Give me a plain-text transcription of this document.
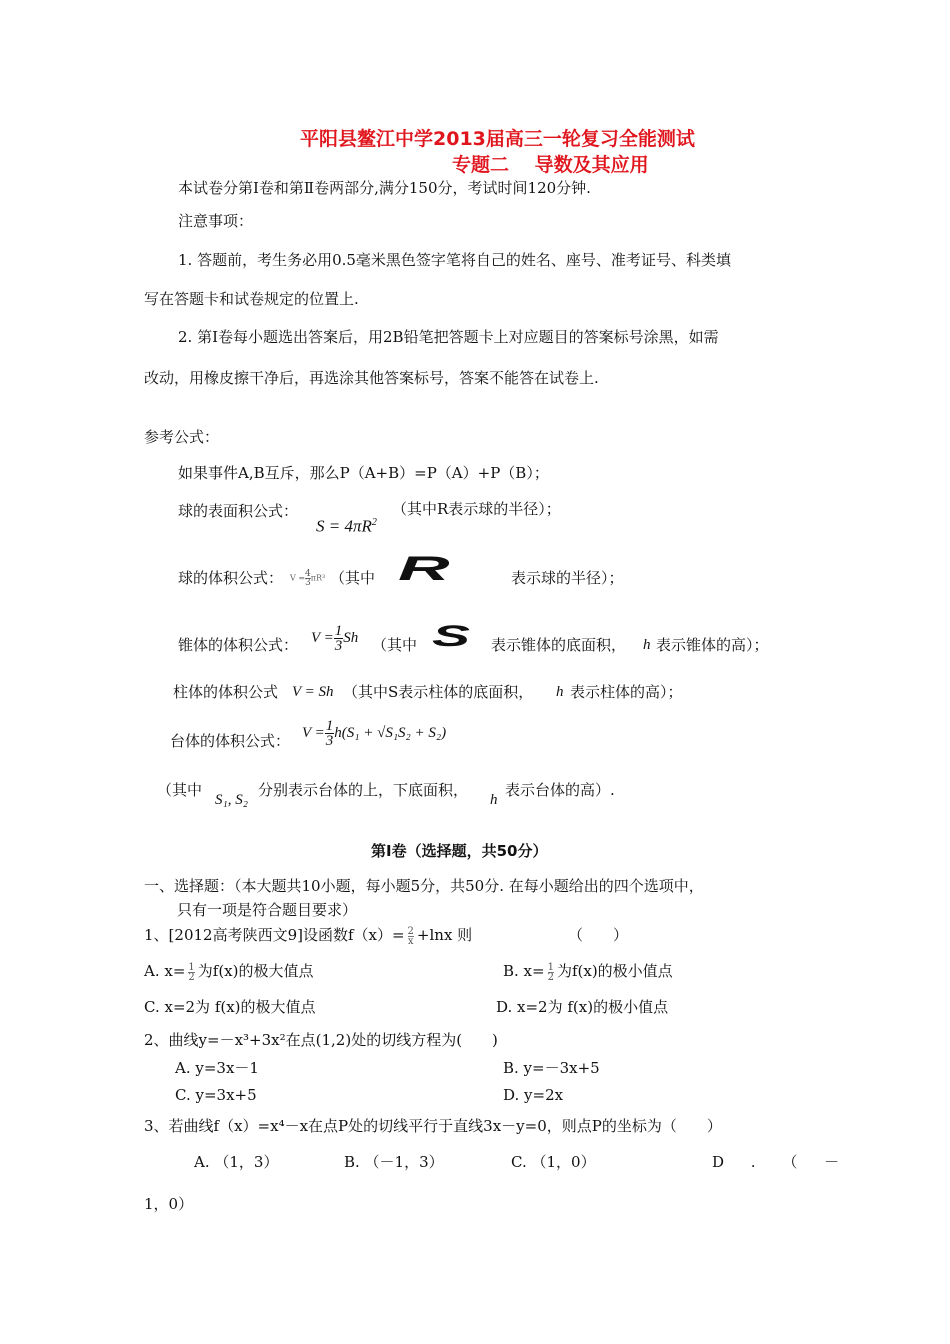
平阳县鳌江中学2013届高三一轮复习全能测试
专题二　 导数及其应用
本试卷分第Ⅰ卷和第Ⅱ卷两部分,满分150分，考试时间120分钟.
注意事项：
1. 答题前，考生务必用0.5毫米黑色签字笔将自己的姓名、座号、准考证号、科类填
写在答题卡和试卷规定的位置上.
2. 第Ⅰ卷每小题选出答案后，用2B铅笔把答题卡上对应题目的答案标号涂黑，如需
改动，用橡皮擦干净后，再选涂其他答案标号，答案不能答在试卷上.
参考公式：
如果事件A,B互斥，那么P（A+B）=P（A）+P（B）；
球的表面积公式：
$S = 4\pi R^2$
（其中R表示球的半径）；
球的体积公式： $V = \frac{4}{3} \pi R^3$ （其中 R	表示球的半径）；
锥体的体积公式： $V = \frac{1}{3}$ Sh （其中 S 表示锥体的底面积， h 表示锥体的高）；
柱体的体积公式 V = Sh （其中S表示柱体的底面积， h 表示柱体的高）；
台体的体积公式： $V = \frac{1}{3} h(S_1 + √S_1S_2 + S_2)$
（其中
S₁, S₂
分别表示台体的上，下底面积，
h
表示台体的高）.
第Ⅰ卷（选择题，共50分）
一、选择题：（本大题共10小题，每小题5分，共50分. 在每小题给出的四个选项中，
只有一项是符合题目要求）
1、[2012高考陕西文9]设函数$f(x)= \frac{2}{x} +\ln x$ 则	（　　）
A. $x= \frac{1}{2}$ 为f(x)的极大值点	B. $x= \frac{1}{2}$ 为f(x)的极小值点
C. x=2为 f(x)的极大值点	D. x=2为 f(x)的极小值点
2、曲线y=－x³+3x²在点(1,2)处的切线方程为(　　)
A. y=3x－1	B. y=－3x+5
C. y=3x+5	D. y=2x
3、若曲线f（x）=x⁴－x在点P处的切线平行于直线3x－y=0，则点P的坐标为（　　）
A. （1，3）	B. （－1，3）	C. （1，0）	D . （ －
1，0）
